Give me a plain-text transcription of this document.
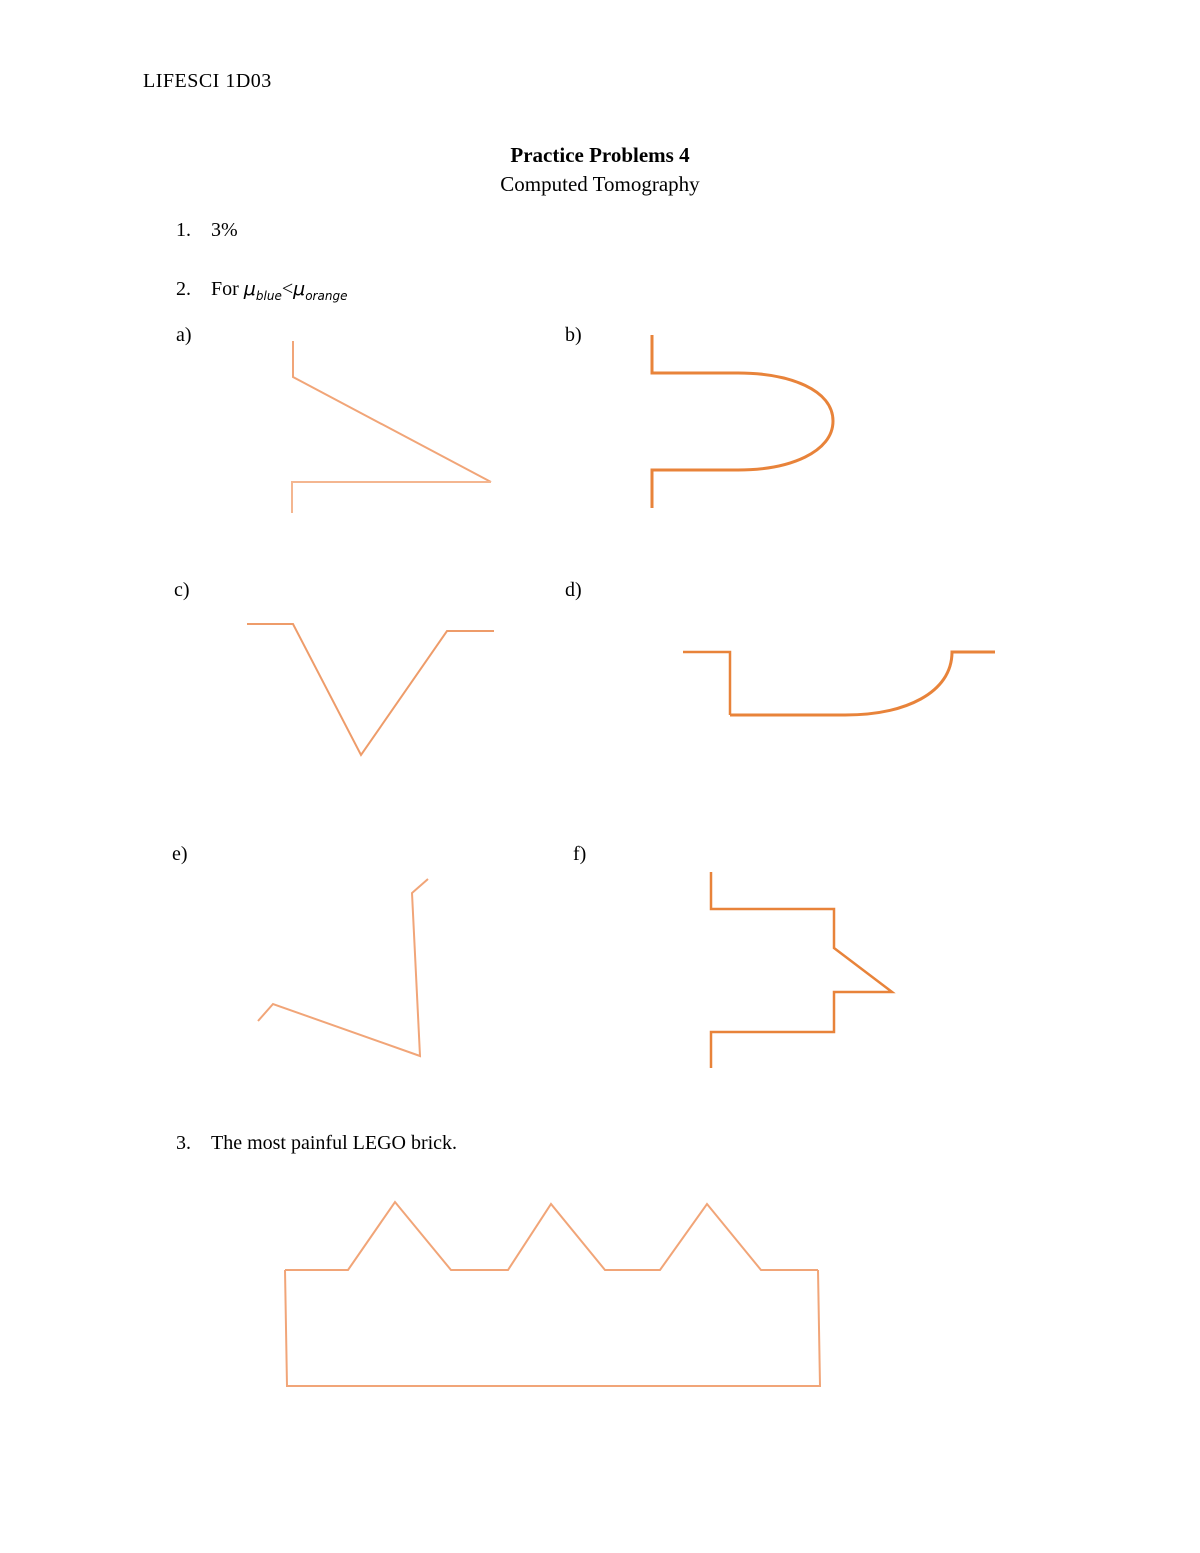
LIFESCI 1D03
Practice Problems 4
Computed Tomography
1. 3%
2. For $\mu_{blue}<\mu_{orange}$
a)	b)
c)	d)
e)	f)
3. The most painful LEGO brick.
